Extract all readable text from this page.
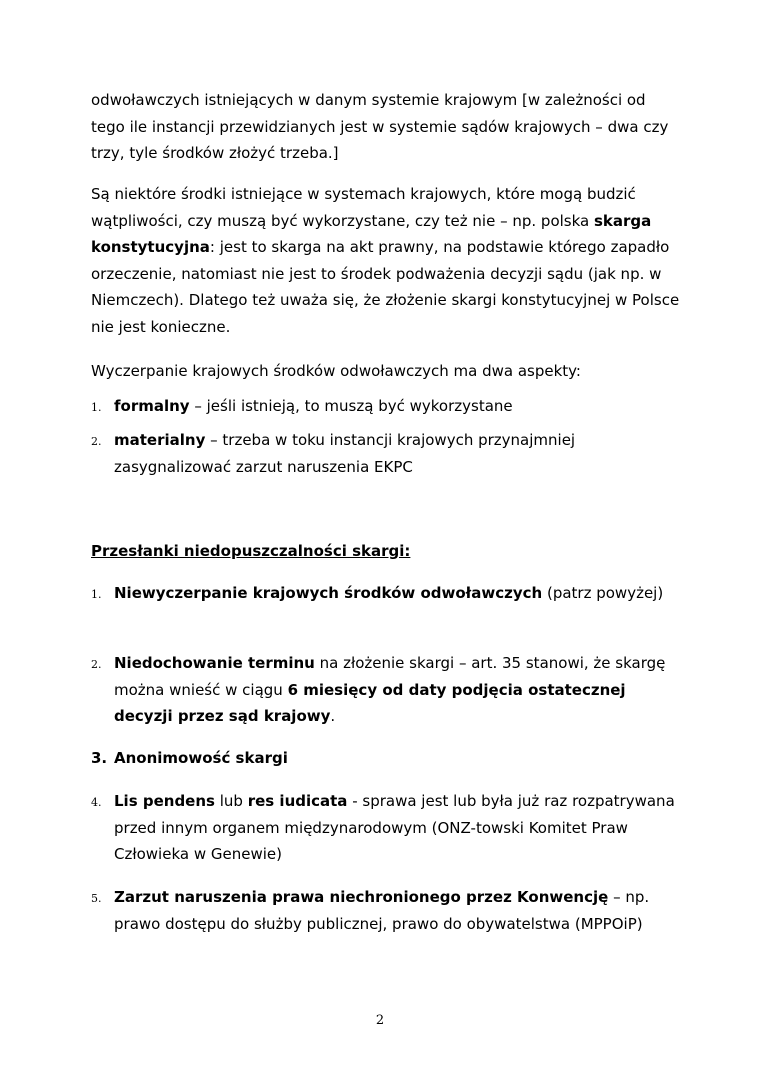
odwoławczych istniejących w danym systemie krajowym [w zależności od tego ile instancji przewidzianych jest w systemie sądów krajowych – dwa czy trzy, tyle środków złożyć trzeba.]

Są niektóre środki istniejące w systemach krajowych, które mogą budzić wątpliwości, czy muszą być wykorzystane, czy też nie – np. polska skarga konstytucyjna: jest to skarga na akt prawny, na podstawie którego zapadło orzeczenie, natomiast nie jest to środek podważenia decyzji sądu (jak np. w Niemczech). Dlatego też uważa się, że złożenie skargi konstytucyjnej w Polsce nie jest konieczne.

Wyczerpanie krajowych środków odwoławczych ma dwa aspekty:

1. formalny – jeśli istnieją, to muszą być wykorzystane
2. materialny – trzeba w toku instancji krajowych przynajmniej zasygnalizować zarzut naruszenia EKPC

Przesłanki niedopuszczalności skargi:

1. Niewyczerpanie krajowych środków odwoławczych (patrz powyżej)
2. Niedochowanie terminu na złożenie skargi – art. 35 stanowi, że skargę można wnieść w ciągu 6 miesięcy od daty podjęcia ostatecznej decyzji przez sąd krajowy.
3. Anonimowość skargi
4. Lis pendens lub res iudicata - sprawa jest lub była już raz rozpatrywana przed innym organem międzynarodowym (ONZ-towski Komitet Praw Człowieka w Genewie)
5. Zarzut naruszenia prawa niechronionego przez Konwencję – np. prawo dostępu do służby publicznej, prawo do obywatelstwa (MPPOiP)
2
